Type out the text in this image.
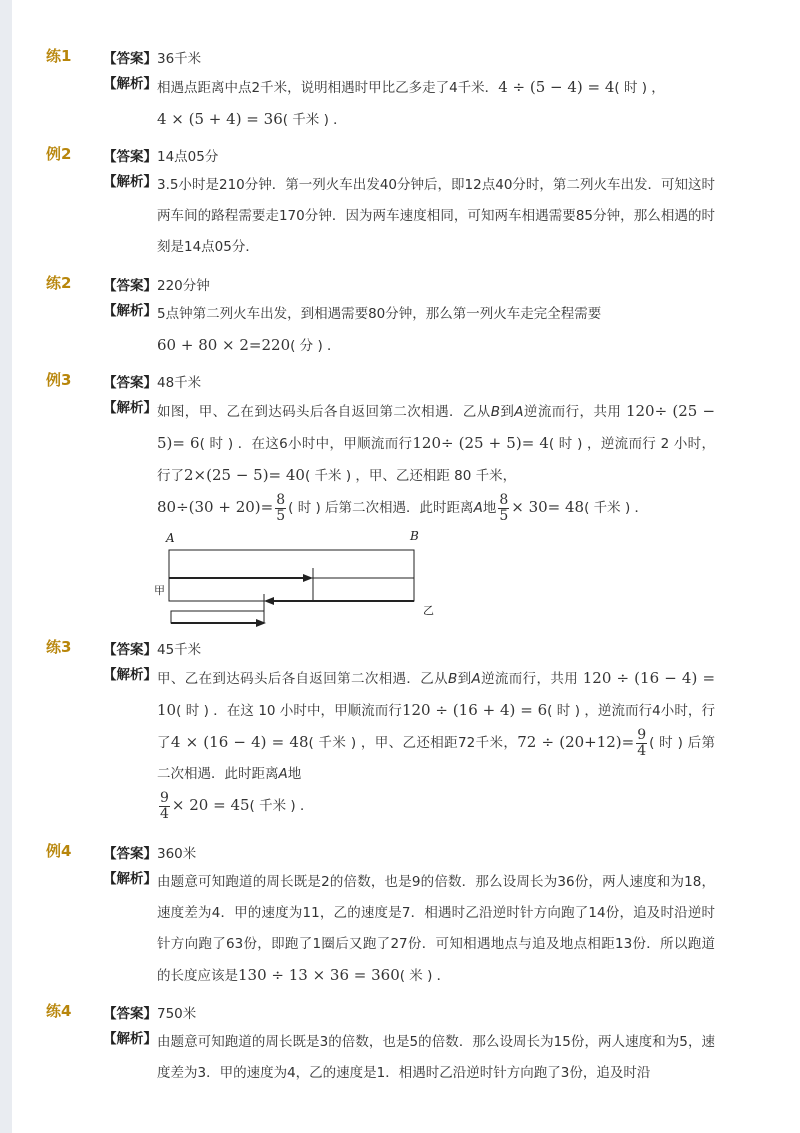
练1 【答案】36千米
【解析】 相遇点距离中点2千米，说明相遇时甲比乙多走了4千米．4 ÷ (5 − 4) = 4( 时 ) ，
4 × (5 + 4) = 36( 千米 ) ．
例2 【答案】14点05分
【解析】 3.5小时是210分钟．第一列火车出发40分钟后，即12点40分时，第二列火车出发．可知这时两车间的路程需要走170分钟．因为两车速度相同，可知两车相遇需要85分钟，那么相遇的时刻是14点05分．
练2 【答案】220分钟
【解析】 5点钟第二列火车出发，到相遇需要80分钟，那么第一列火车走完全程需要
60 + 80 × 2=220( 分 ) ．
例3 【答案】48千米
【解析】 如图，甲、乙在到达码头后各自返回第二次相遇．乙从B到A逆流而行，共用 120÷ (25 − 5)= 6( 时 ) ．在这6小时中，甲顺流而行120÷ (25 + 5)= 4( 时 ) ，逆流而行 2 小时，行了2×(25 − 5)= 40( 千米 ) ，甲、乙还相距 80 千米，
$80\div(30 + 20)= \frac{8}{5}$ ( 时 ) 后第二次相遇．此时距离A地 $\frac{8}{5} \times 30= 48$( 千米 ) ．
A	B
甲
乙
练3 【答案】45千米
【解析】 甲、乙在到达码头后各自返回第二次相遇．乙从B到A逆流而行，共用 120 ÷ (16 − 4) = 10( 时 ) ．在这 10 小时中，甲顺流而行120 ÷ (16 + 4) = 6( 时 ) ，逆流而行4小时，行了4 × (16 − 4) = 48( 千米 ) ，甲、乙还相距72千米，$72 \div (20+12)= \frac{9}{4}$ ( 时 ) 后第二次相遇．此时距离A地

$\frac{9}{4} \times 20 = 45$( 千米 ) ．
例4 【答案】360米
【解析】 由题意可知跑道的周长既是2的倍数，也是9的倍数．那么设周长为36份，两人速度和为18，速度差为4．甲的速度为11，乙的速度是7．相遇时乙沿逆时针方向跑了14份，追及时沿逆时针方向跑了63份，即跑了1圈后又跑了27份．可知相遇地点与追及地点相距13份．所以跑道的长度应该是130 ÷ 13 × 36 = 360( 米 ) ．
练4 【答案】750米
【解析】 由题意可知跑道的周长既是3的倍数，也是5的倍数．那么设周长为15份，两人速度和为5，速度差为3．甲的速度为4，乙的速度是1．相遇时乙沿逆时针方向跑了3份，追及时沿
